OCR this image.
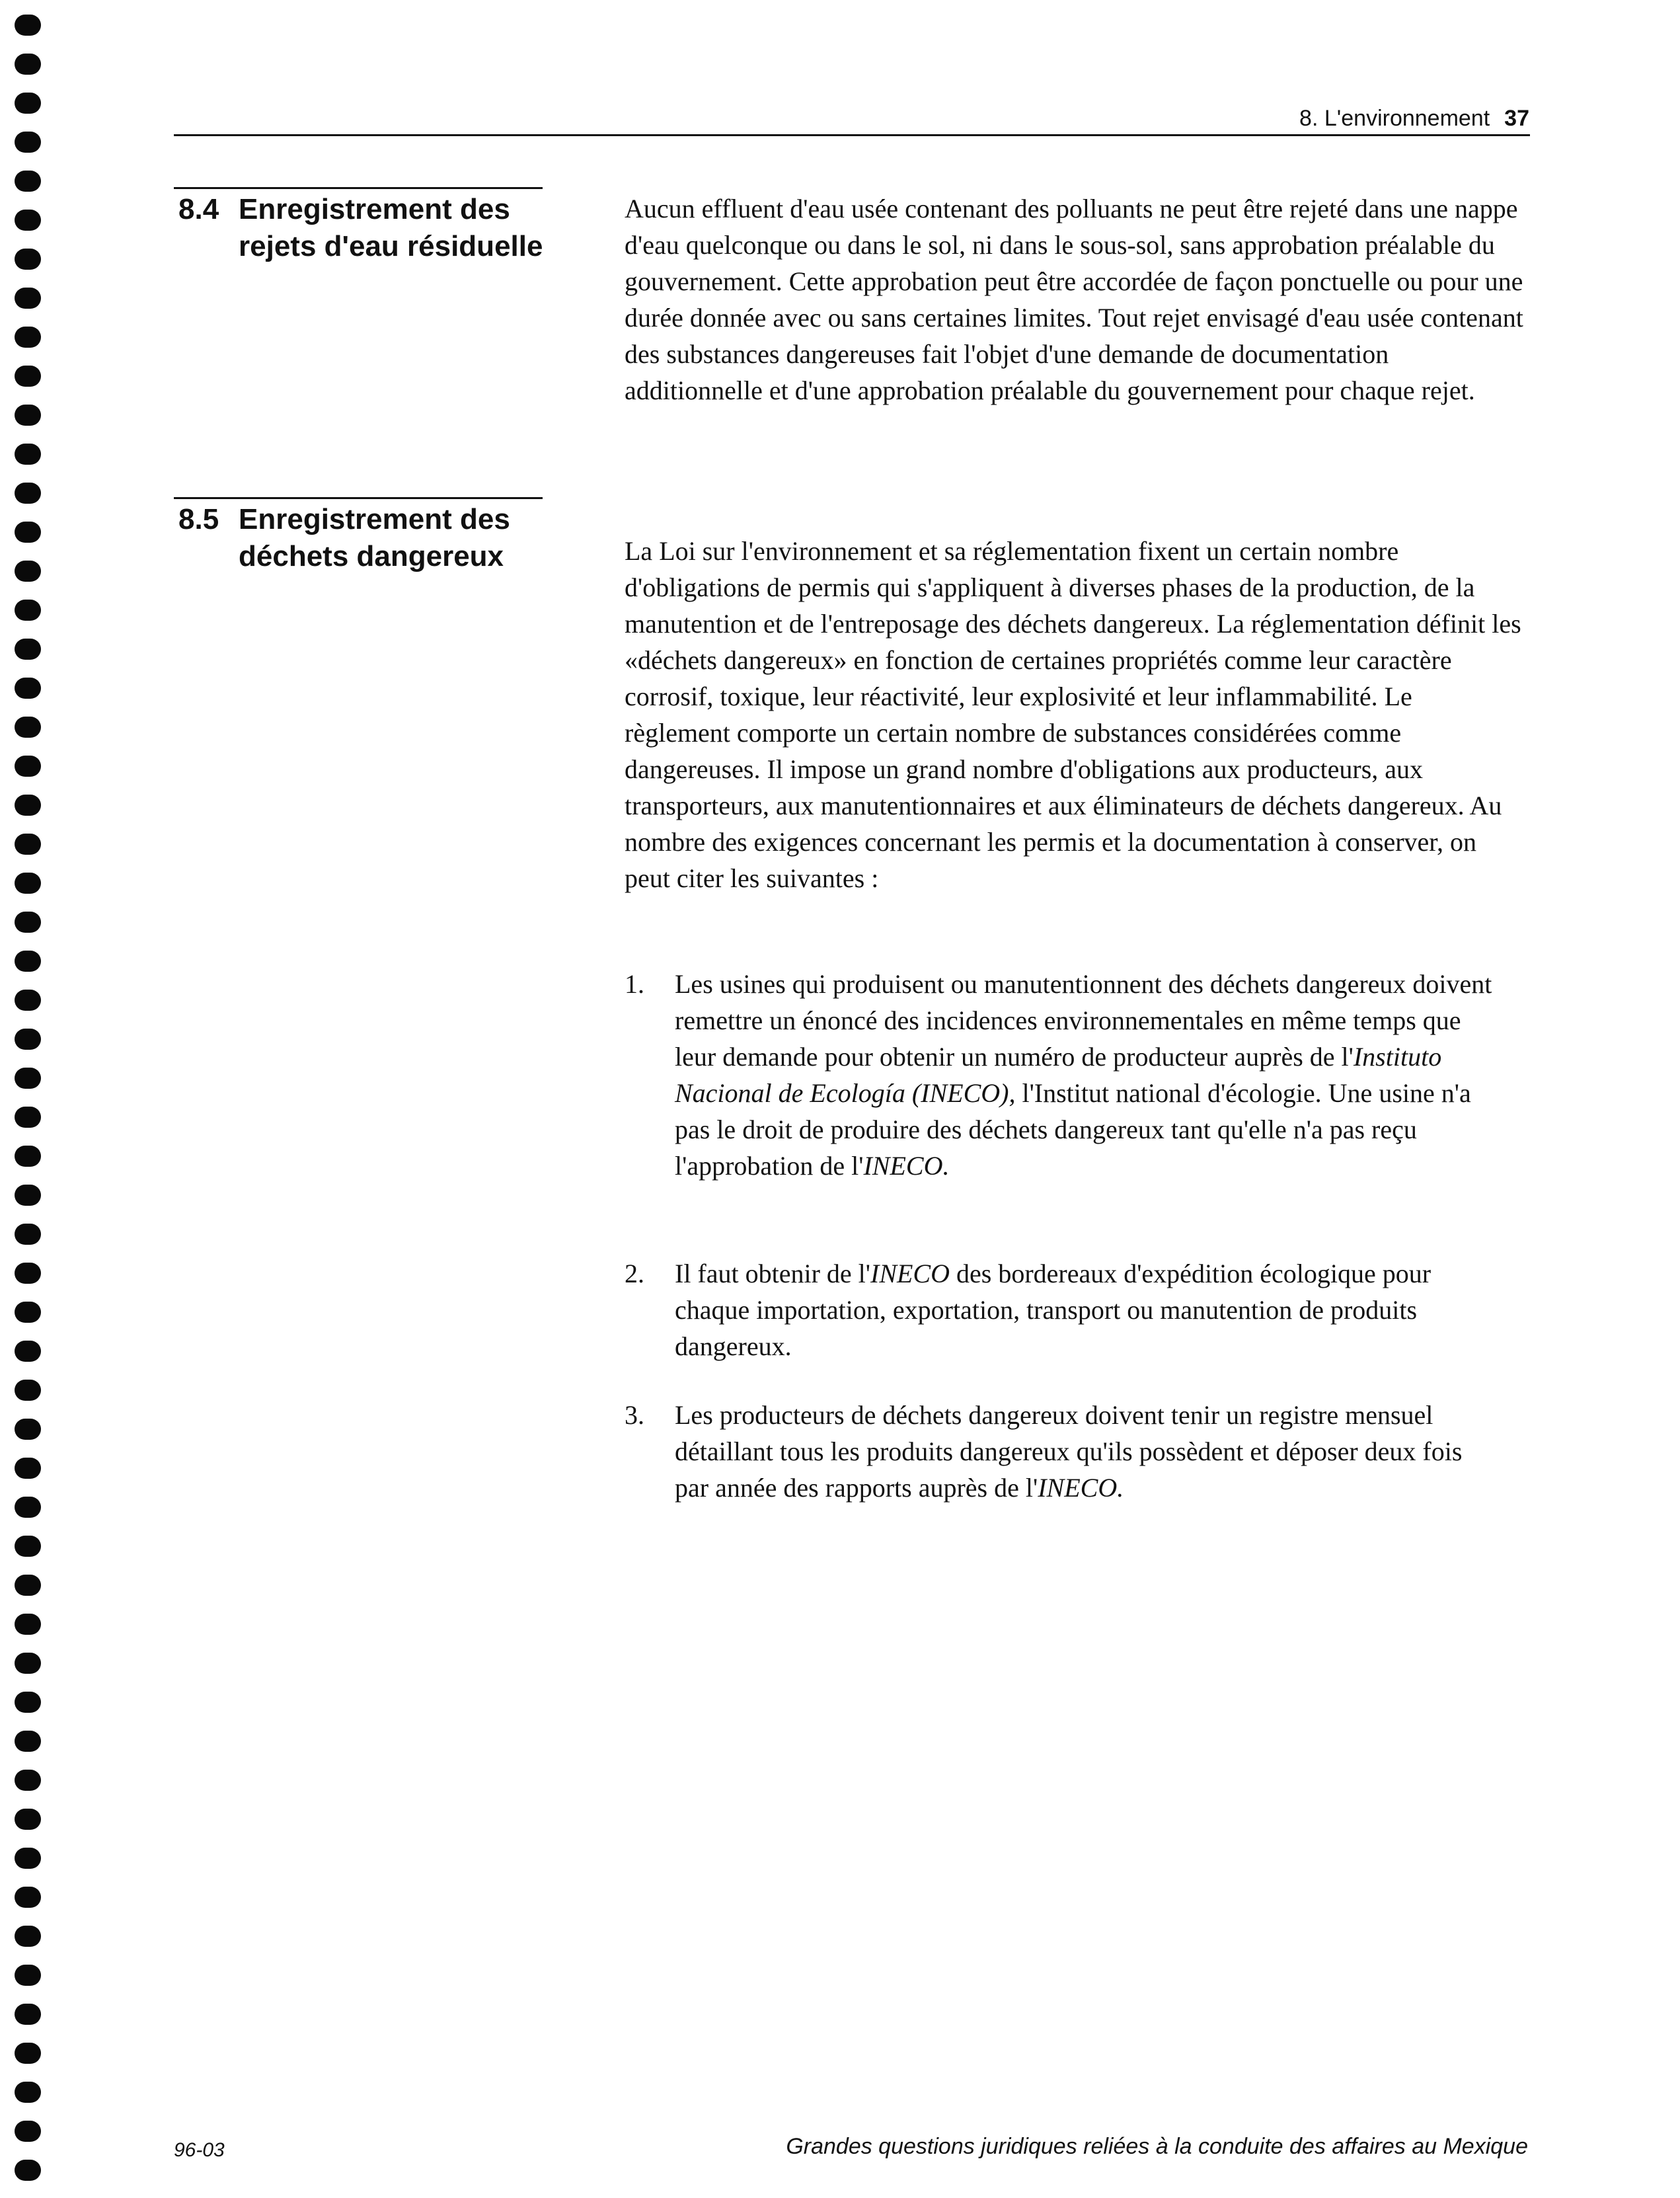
8. L'environnement 37
8.4 Enregistrement des rejets d'eau résiduelle

Aucun effluent d'eau usée contenant des polluants ne peut être rejeté dans une nappe d'eau quelconque ou dans le sol, ni dans le sous-sol, sans approbation préalable du gouvernement. Cette approbation peut être accordée de façon ponctuelle ou pour une durée donnée avec ou sans certaines limites. Tout rejet envisagé d'eau usée contenant des substances dangereuses fait l'objet d'une demande de documentation additionnelle et d'une approbation préalable du gouvernement pour chaque rejet.

8.5 Enregistrement des déchets dangereux	La Loi sur l'environnement et sa réglementation fixent un certain nombre d'obligations de permis qui s'appliquent à diverses phases de la production, de la manutention et de l'entreposage des déchets dangereux. La réglementation définit les «déchets dangereux» en fonction de certaines propriétés comme leur caractère corrosif, toxique, leur réactivité, leur explosivité et leur inflammabilité. Le règlement comporte un certain nombre de substances considérées comme dangereuses. Il impose un grand nombre d'obligations aux producteurs, aux transporteurs, aux manutentionnaires et aux éliminateurs de déchets dangereux. Au nombre des exigences concernant les permis et la documentation à conserver, on peut citer les suivantes :

1. Les usines qui produisent ou manutentionnent des déchets dangereux doivent remettre un énoncé des incidences environnementales en même temps que leur demande pour obtenir un numéro de producteur auprès de l'Instituto Nacional de Ecología (INECO), l'Institut national d'écologie. Une usine n'a pas le droit de produire des déchets dangereux tant qu'elle n'a pas reçu l'approbation de l'INECO.
2. Il faut obtenir de l'INECO des bordereaux d'expédition écologique pour chaque importation, exportation, transport ou manutention de produits dangereux.
3. Les producteurs de déchets dangereux doivent tenir un registre mensuel détaillant tous les produits dangereux qu'ils possèdent et déposer deux fois par année des rapports auprès de l'INECO.
96-03	Grandes questions juridiques reliées à la conduite des affaires au Mexique
